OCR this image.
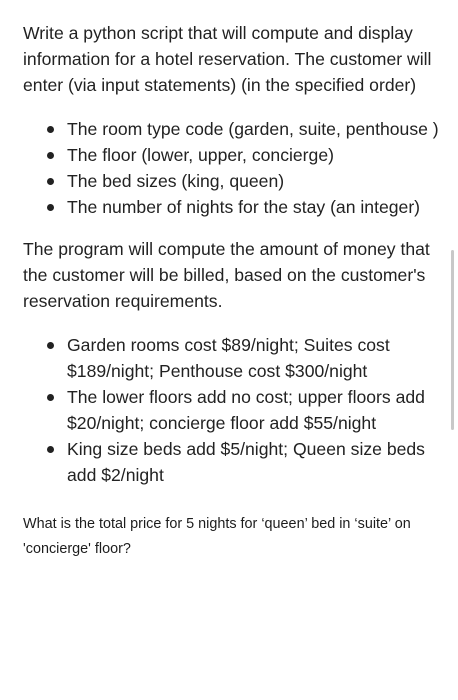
Write a python script that will compute and display information for a hotel reservation. The customer will enter (via input statements) (in the specified order)

The room type code (garden, suite, penthouse )
The floor (lower, upper, concierge)
The bed sizes (king, queen)
The number of nights for the stay (an integer)

The program will compute the amount of money that the customer will be billed, based on the customer's reservation requirements.

Garden rooms cost $89/night; Suites cost $189/night; Penthouse cost $300/night
The lower floors add no cost; upper floors add $20/night; concierge floor add $55/night
King size beds add $5/night; Queen size beds add $2/night
What is the total price for 5 nights for ‘queen’ bed in ‘suite’ on 'concierge' floor?
